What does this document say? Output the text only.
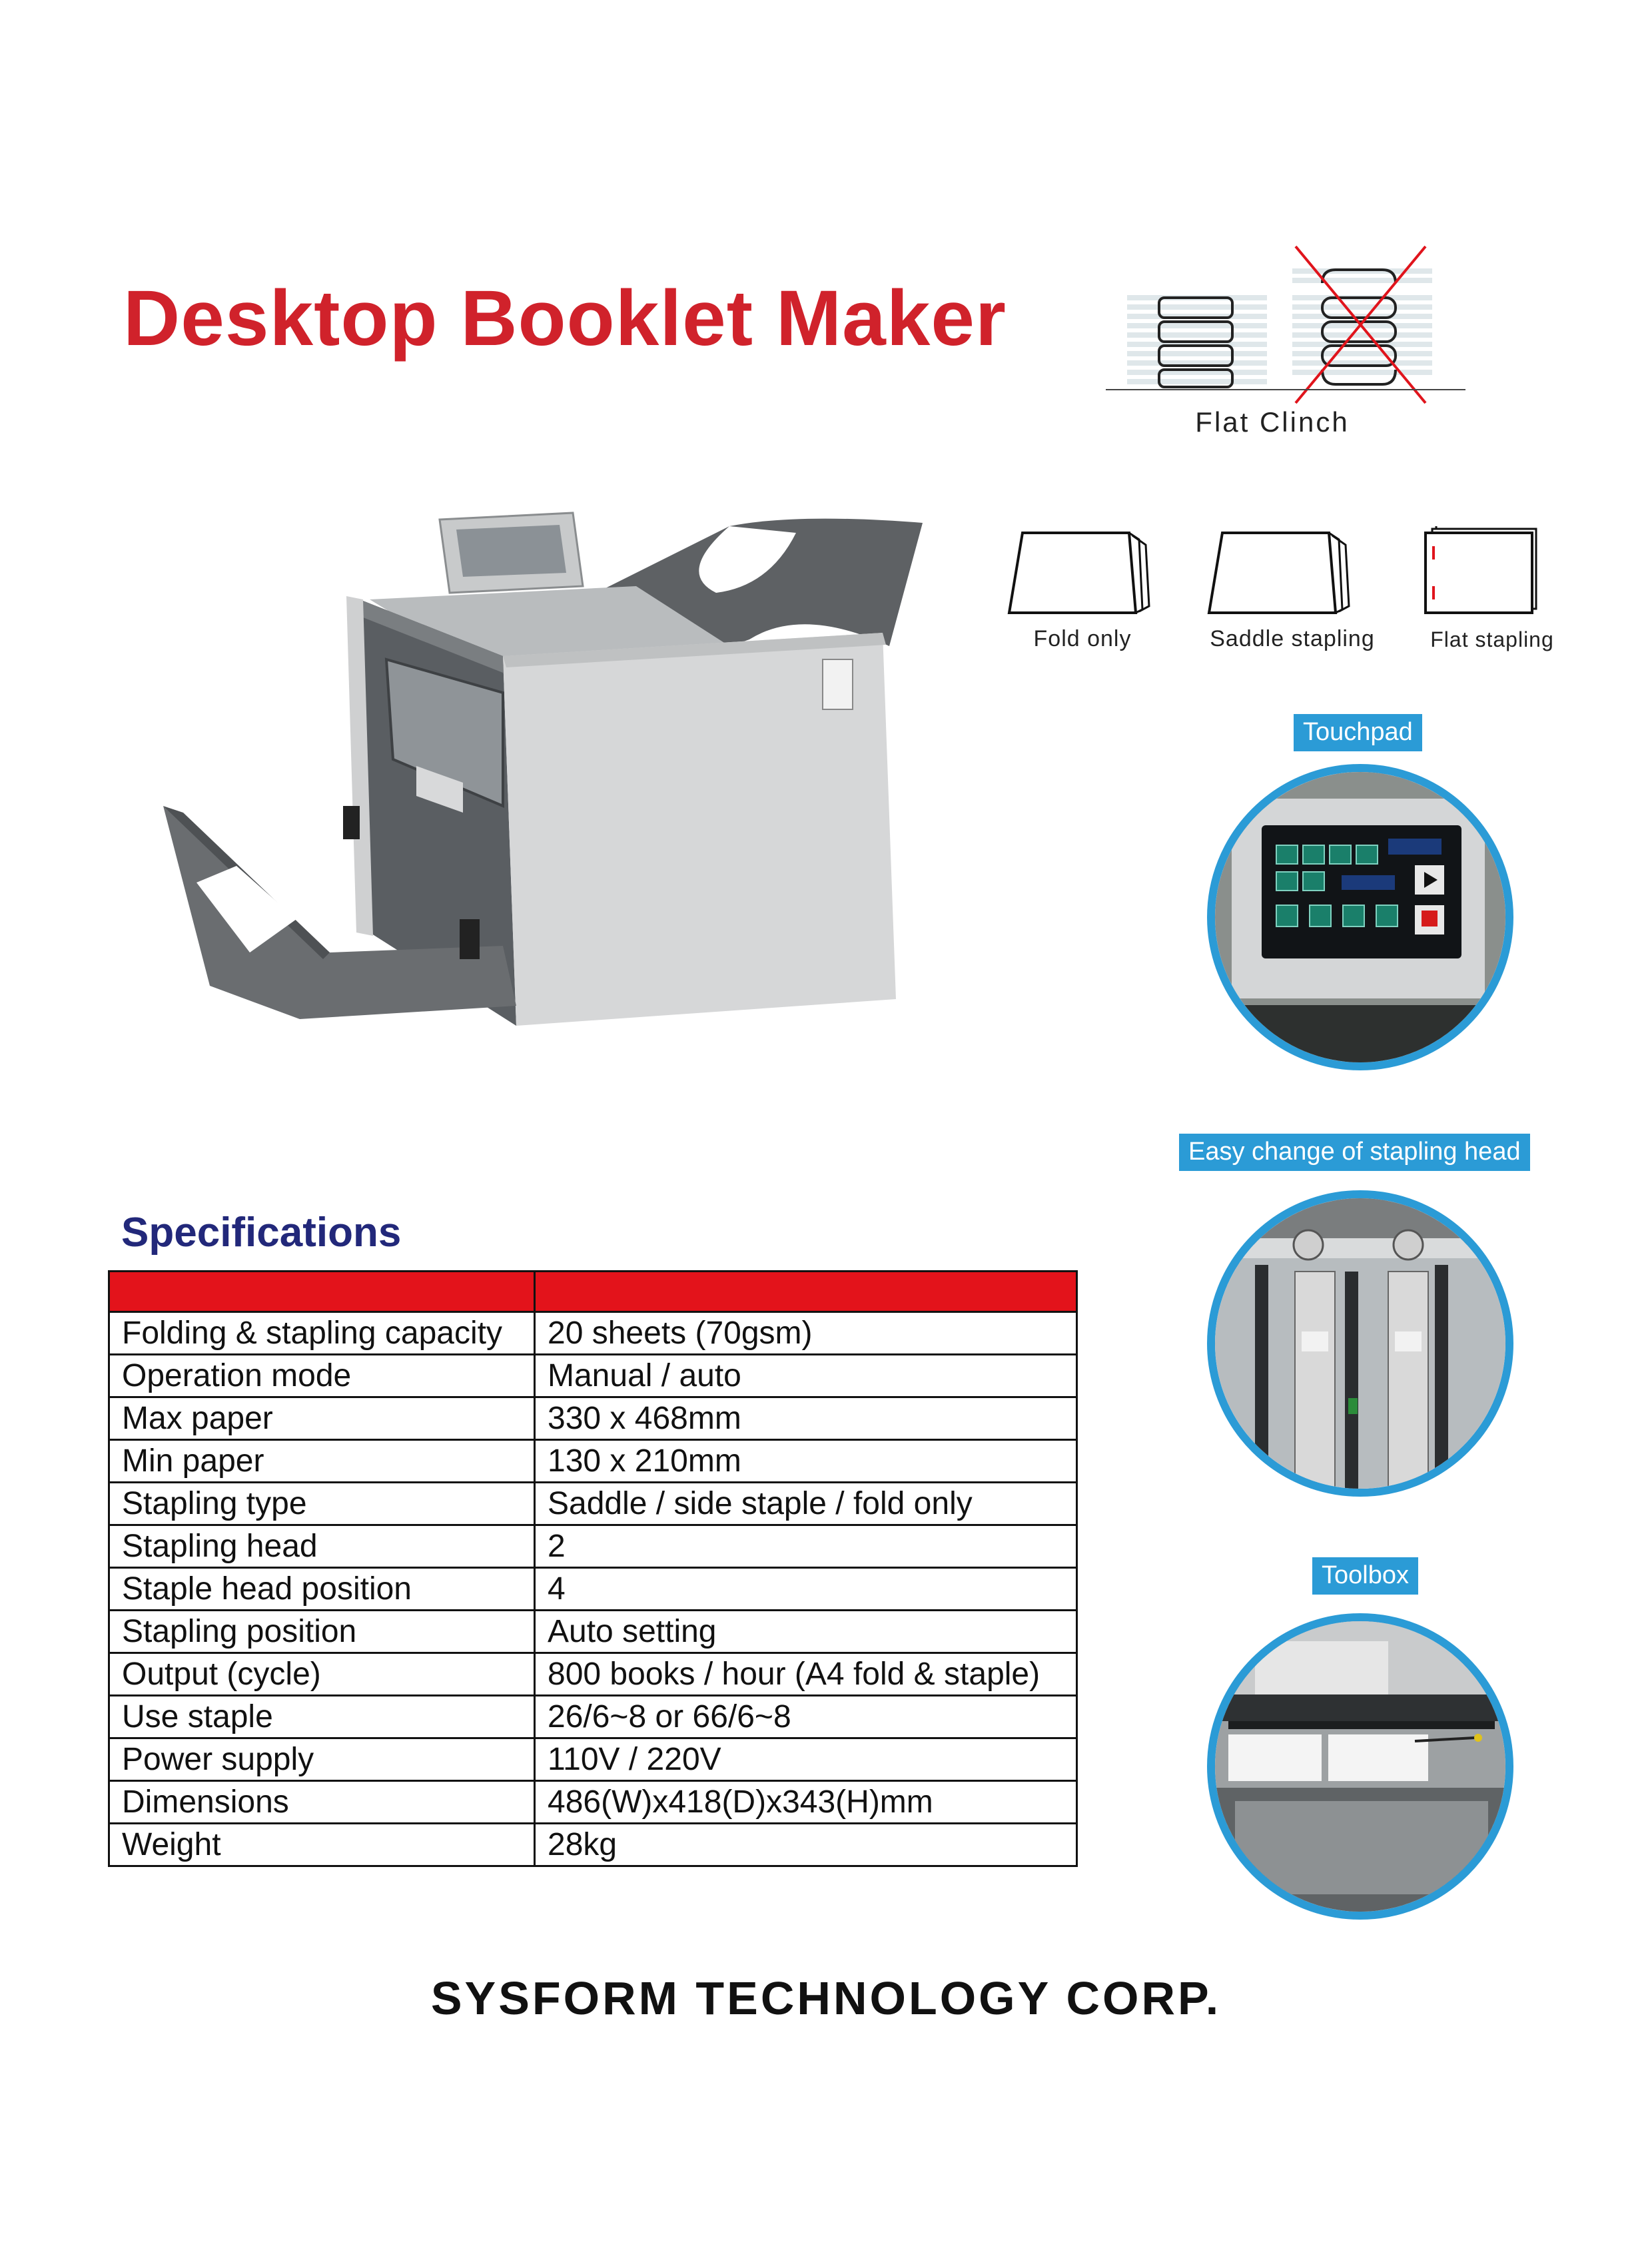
Desktop Booklet Maker
Flat Clinch
Fold only	Saddle stapling	Flat stapling
Touchpad
Easy change of stapling head
Toolbox
Specifications

Folding & stapling capacity	20 sheets (70gsm)
Operation mode	Manual / auto
Max paper	330 x 468mm
Min paper	130 x 210mm
Stapling type	Saddle / side staple / fold only
Stapling head	2
Staple head position	4
Stapling position	Auto setting
Output (cycle)	800 books / hour (A4 fold & staple)
Use staple	26/6~8 or 66/6~8
Power supply	110V / 220V
Dimensions	486(W)x418(D)x343(H)mm
Weight	28kg

SYSFORM TECHNOLOGY CORP.
